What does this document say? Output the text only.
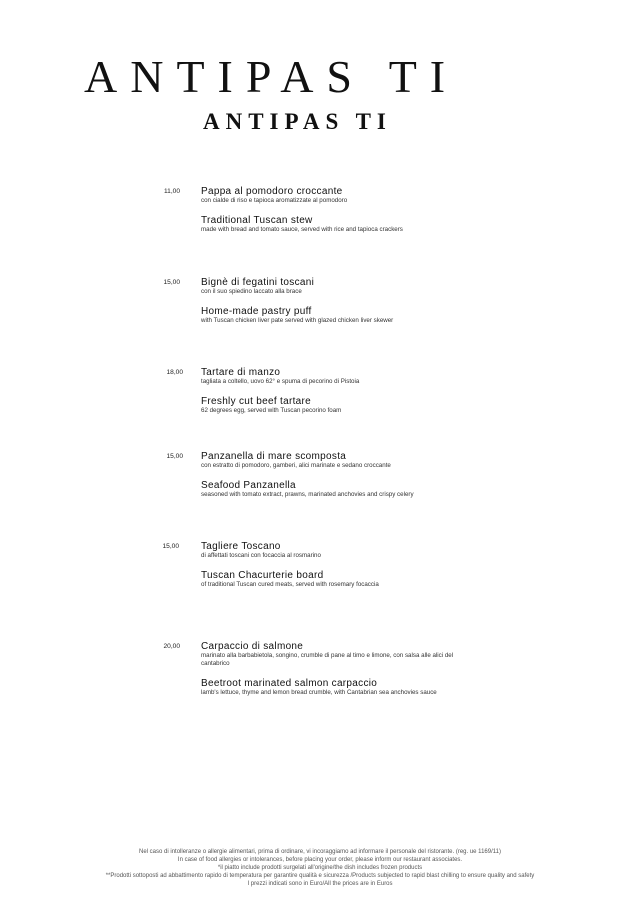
ANTIPAS TI
ANTIPAS TI
11,00 Pappa al pomodoro croccante

con cialde di riso e tapioca aromatizzate al pomodoro

Traditional Tuscan stew

made with bread and tomato sauce, served with rice and tapioca crackers

15,00 Bignè di fegatini toscani

con il suo spiedino laccato alla brace

Home-made pastry puff

with Tuscan chicken liver pate served with glazed chicken liver skewer

18,00 Tartare di manzo

tagliata a coltello, uovo 62° e spuma di pecorino di Pistoia

Freshly cut beef tartare

62 degrees egg, served with Tuscan pecorino foam

15,00 Panzanella di mare scomposta

con estratto di pomodoro, gamberi, alici marinate e sedano croccante

Seafood Panzanella

seasoned with tomato extract, prawns, marinated anchovies and crispy celery

15,00 Tagliere Toscano

di affettati toscani con focaccia al rosmarino

Tuscan Chacurterie board

of traditional Tuscan cured meats, served with rosemary focaccia

20,00 Carpaccio di salmone

marinato alla barbabietola, songino, crumble di pane al timo e limone, con salsa alle alici del cantabrico

Beetroot marinated salmon carpaccio

lamb's lettuce, thyme and lemon bread crumble, with Cantabrian sea anchovies sauce

Nel caso di intolleranze o allergie alimentari, prima di ordinare, vi incoraggiamo ad informare il personale del ristorante. (reg. ue 1169/11)
In case of food allergies or intolerances, before placing your order, please inform our restaurant associates.
*il piatto include prodotti surgelati all'origine/the dish includes frozen products
**Prodotti sottoposti ad abbattimento rapido di temperatura per garantire qualità e sicurezza /Products subjected to rapid blast chilling to ensure quality and safety
I prezzi indicati sono in Euro/All the prices are in Euros
